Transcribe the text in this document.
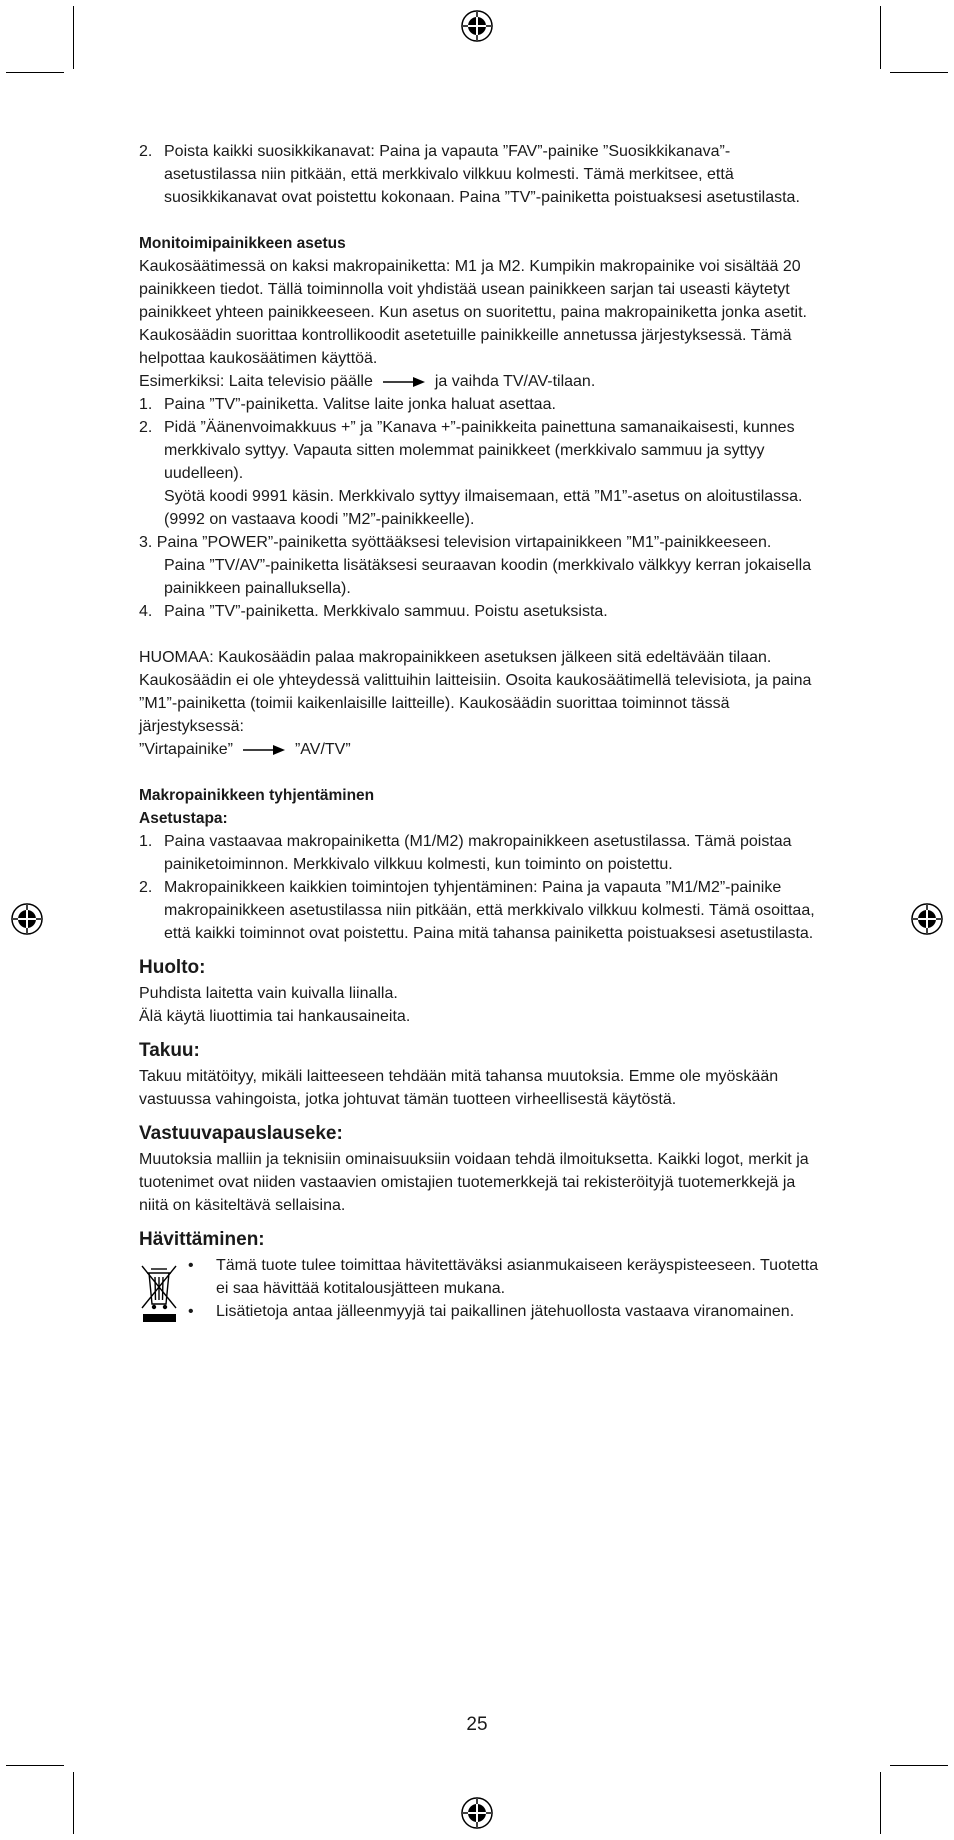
2. Poista kaikki suosikkikanavat: Paina ja vapauta ”FAV”-painike ”Suosikkikanava”-asetustilassa niin pitkään, että merkkivalo vilkkuu kolmesti. Tämä merkitsee, että suosikkikanavat ovat poistettu kokonaan. Paina ”TV”-painiketta poistuaksesi asetustilasta.

Monitoimipainikkeen asetus

Kaukosäätimessä on kaksi makropainiketta: M1 ja M2. Kumpikin makropainike voi sisältää 20 painikkeen tiedot. Tällä toiminnolla voit yhdistää usean painikkeen sarjan tai useasti käytetyt painikkeet yhteen painikkeeseen. Kun asetus on suoritettu, paina makropainiketta jonka asetit. Kaukosäädin suorittaa kontrollikoodit asetetuille painikkeille annetussa järjestyksessä. Tämä helpottaa kaukosäätimen käyttöä.

Esimerkiksi: Laita televisio päälle	ja vaihda TV/AV-tilaan.

1. Paina ”TV”-painiketta. Valitse laite jonka haluat asettaa.

2. Pidä ”Äänenvoimakkuus +” ja ”Kanava +”-painikkeita painettuna samanaikaisesti, kunnes merkkivalo syttyy. Vapauta sitten molemmat painikkeet (merkkivalo sammuu ja syttyy uudelleen).

Syötä koodi 9991 käsin. Merkkivalo syttyy ilmaisemaan, että ”M1”-asetus on aloitustilassa. (9992 on vastaava koodi ”M2”-painikkeelle).

3. Paina ”POWER”-painiketta syöttääksesi television virtapainikkeen ”M1”-painikkeeseen.

Paina ”TV/AV”-painiketta lisätäksesi seuraavan koodin (merkkivalo välkkyy kerran jokaisella painikkeen painalluksella).

4. Paina ”TV”-painiketta. Merkkivalo sammuu. Poistu asetuksista.

HUOMAA: Kaukosäädin palaa makropainikkeen asetuksen jälkeen sitä edeltävään tilaan. Kaukosäädin ei ole yhteydessä valittuihin laitteisiin. Osoita kaukosäätimellä televisiota, ja paina ”M1”-painiketta (toimii kaikenlaisille laitteille). Kaukosäädin suorittaa toiminnot tässä järjestyksessä:

”Virtapainike”	”AV/TV”

Makropainikkeen tyhjentäminen

Asetustapa:

1. Paina vastaavaa makropainiketta (M1/M2) makropainikkeen asetustilassa. Tämä poistaa painiketoiminnon. Merkkivalo vilkkuu kolmesti, kun toiminto on poistettu.

2. Makropainikkeen kaikkien toimintojen tyhjentäminen: Paina ja vapauta ”M1/M2”-painike makropainikkeen asetustilassa niin pitkään, että merkkivalo vilkkuu kolmesti. Tämä osoittaa, että kaikki toiminnot ovat poistettu. Paina mitä tahansa painiketta poistuaksesi asetustilasta.

Huolto:

Puhdista laitetta vain kuivalla liinalla.

Älä käytä liuottimia tai hankausaineita.

Takuu:

Takuu mitätöityy, mikäli laitteeseen tehdään mitä tahansa muutoksia. Emme ole myöskään vastuussa vahingoista, jotka johtuvat tämän tuotteen virheellisestä käytöstä.

Vastuuvapauslauseke:

Muutoksia malliin ja teknisiin ominaisuuksiin voidaan tehdä ilmoituksetta. Kaikki logot, merkit ja tuotenimet ovat niiden vastaavien omistajien tuotemerkkejä tai rekisteröityjä tuotemerkkejä ja niitä on käsiteltävä sellaisina.

Hävittäminen:

• Tämä tuote tulee toimittaa hävitettäväksi asianmukaiseen keräyspisteeseen. Tuotetta ei saa hävittää kotitalousjätteen mukana.

• Lisätietoja antaa jälleenmyyjä tai paikallinen jätehuollosta vastaava viranomainen.

25
